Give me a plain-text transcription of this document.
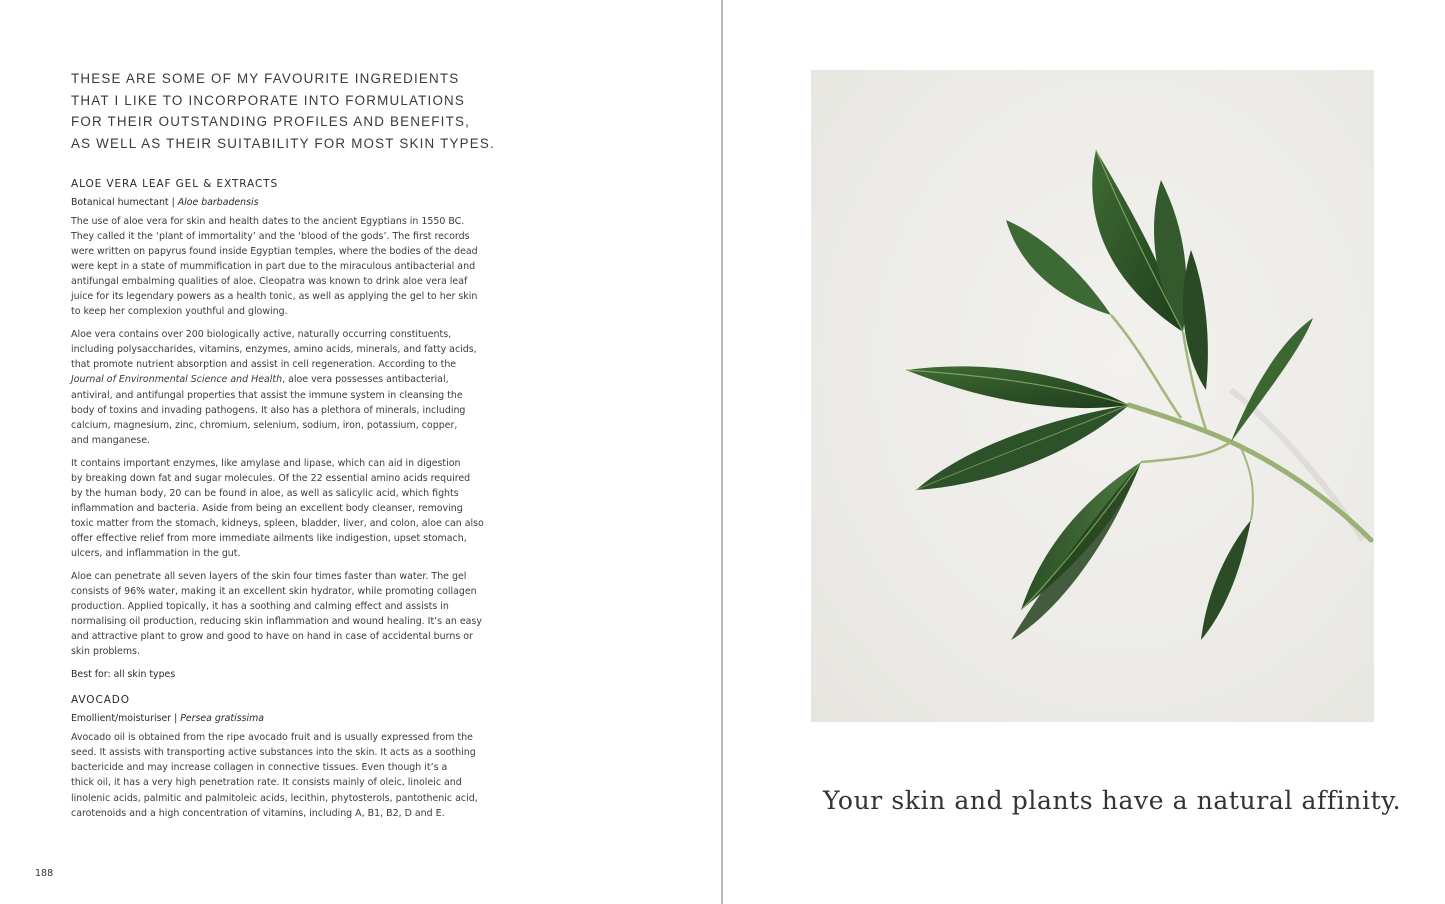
THESE ARE SOME OF MY FAVOURITE INGREDIENTS
THAT I LIKE TO INCORPORATE INTO FORMULATIONS
FOR THEIR OUTSTANDING PROFILES AND BENEFITS,
AS WELL AS THEIR SUITABILITY FOR MOST SKIN TYPES.
ALOE VERA LEAF GEL & EXTRACTS
Botanical humectant | Aloe barbadensis
The use of aloe vera for skin and health dates to the ancient Egyptians in 1550 BC.
They called it the ‘plant of immortality’ and the ‘blood of the gods’. The first records
were written on papyrus found inside Egyptian temples, where the bodies of the dead
were kept in a state of mummification in part due to the miraculous antibacterial and
antifungal embalming qualities of aloe. Cleopatra was known to drink aloe vera leaf
juice for its legendary powers as a health tonic, as well as applying the gel to her skin
to keep her complexion youthful and glowing.
Aloe vera contains over 200 biologically active, naturally occurring constituents,
including polysaccharides, vitamins, enzymes, amino acids, minerals, and fatty acids,
that promote nutrient absorption and assist in cell regeneration. According to the
Journal of Environmental Science and Health, aloe vera possesses antibacterial,
antiviral, and antifungal properties that assist the immune system in cleansing the
body of toxins and invading pathogens. It also has a plethora of minerals, including
calcium, magnesium, zinc, chromium, selenium, sodium, iron, potassium, copper,
and manganese.
It contains important enzymes, like amylase and lipase, which can aid in digestion
by breaking down fat and sugar molecules. Of the 22 essential amino acids required
by the human body, 20 can be found in aloe, as well as salicylic acid, which fights
inflammation and bacteria. Aside from being an excellent body cleanser, removing
toxic matter from the stomach, kidneys, spleen, bladder, liver, and colon, aloe can also
offer effective relief from more immediate ailments like indigestion, upset stomach,
ulcers, and inflammation in the gut.
Aloe can penetrate all seven layers of the skin four times faster than water. The gel
consists of 96% water, making it an excellent skin hydrator, while promoting collagen
production. Applied topically, it has a soothing and calming effect and assists in
normalising oil production, reducing skin inflammation and wound healing. It’s an easy
and attractive plant to grow and good to have on hand in case of accidental burns or
skin problems.
Best for: all skin types
AVOCADO
Emollient/moisturiser | Persea gratissima
Avocado oil is obtained from the ripe avocado fruit and is usually expressed from the
seed. It assists with transporting active substances into the skin. It acts as a soothing
bactericide and may increase collagen in connective tissues. Even though it’s a
thick oil, it has a very high penetration rate. It consists mainly of oleic, linoleic and
linolenic acids, palmitic and palmitoleic acids, lecithin, phytosterols, pantothenic acid,
carotenoids and a high concentration of vitamins, including A, B1, B2, D and E.
188
Your skin and plants have a natural affinity.
